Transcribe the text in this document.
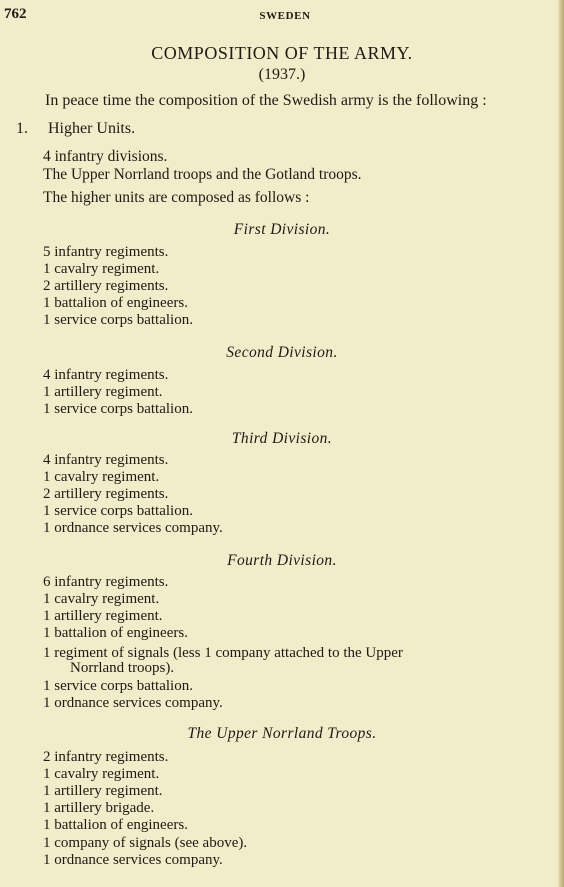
762	SWEDEN
COMPOSITION OF THE ARMY.
(1937.)
In peace time the composition of the Swedish army is the following :
1. Higher Units.
4 infantry divisions.
The Upper Norrland troops and the Gotland troops.
The higher units are composed as follows :
First Division.
5 infantry regiments.
1 cavalry regiment.
2 artillery regiments.
1 battalion of engineers.
1 service corps battalion.
Second Division.
4 infantry regiments.
1 artillery regiment.
1 service corps battalion.
Third Division.
4 infantry regiments.
1 cavalry regiment.
2 artillery regiments.
1 service corps battalion.
1 ordnance services company.
Fourth Division.
6 infantry regiments.
1 cavalry regiment.
1 artillery regiment.
1 battalion of engineers.
1 regiment of signals (less 1 company attached to the Upper
Norrland troops).
1 service corps battalion.
1 ordnance services company.
The Upper Norrland Troops.
2 infantry regiments.
1 cavalry regiment.
1 artillery regiment.
1 artillery brigade.
1 battalion of engineers.
1 company of signals (see above).
1 ordnance services company.
